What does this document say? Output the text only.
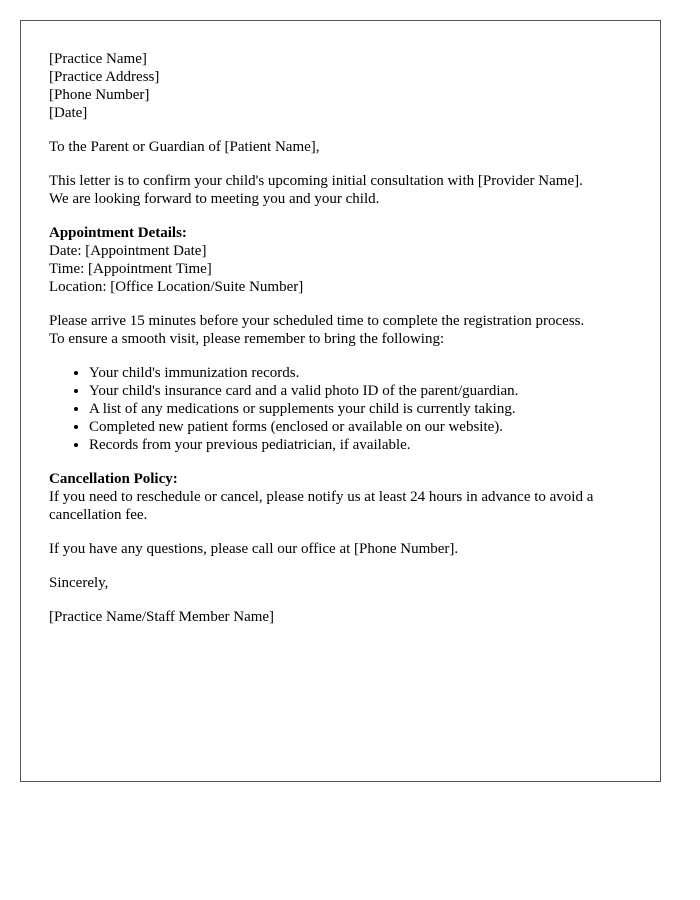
[Practice Name]
[Practice Address]
[Phone Number]
[Date]

To the Parent or Guardian of [Patient Name],

This letter is to confirm your child's upcoming initial consultation with [Provider Name].
We are looking forward to meeting you and your child.

Appointment Details:
Date: [Appointment Date]
Time: [Appointment Time]
Location: [Office Location/Suite Number]

Please arrive 15 minutes before your scheduled time to complete the registration process.
To ensure a smooth visit, please remember to bring the following:

• Your child's immunization records.
• Your child's insurance card and a valid photo ID of the parent/guardian.
• A list of any medications or supplements your child is currently taking.
• Completed new patient forms (enclosed or available on our website).
• Records from your previous pediatrician, if available.

Cancellation Policy:
If you need to reschedule or cancel, please notify us at least 24 hours in advance to avoid a cancellation fee.

If you have any questions, please call our office at [Phone Number].

Sincerely,

[Practice Name/Staff Member Name]
